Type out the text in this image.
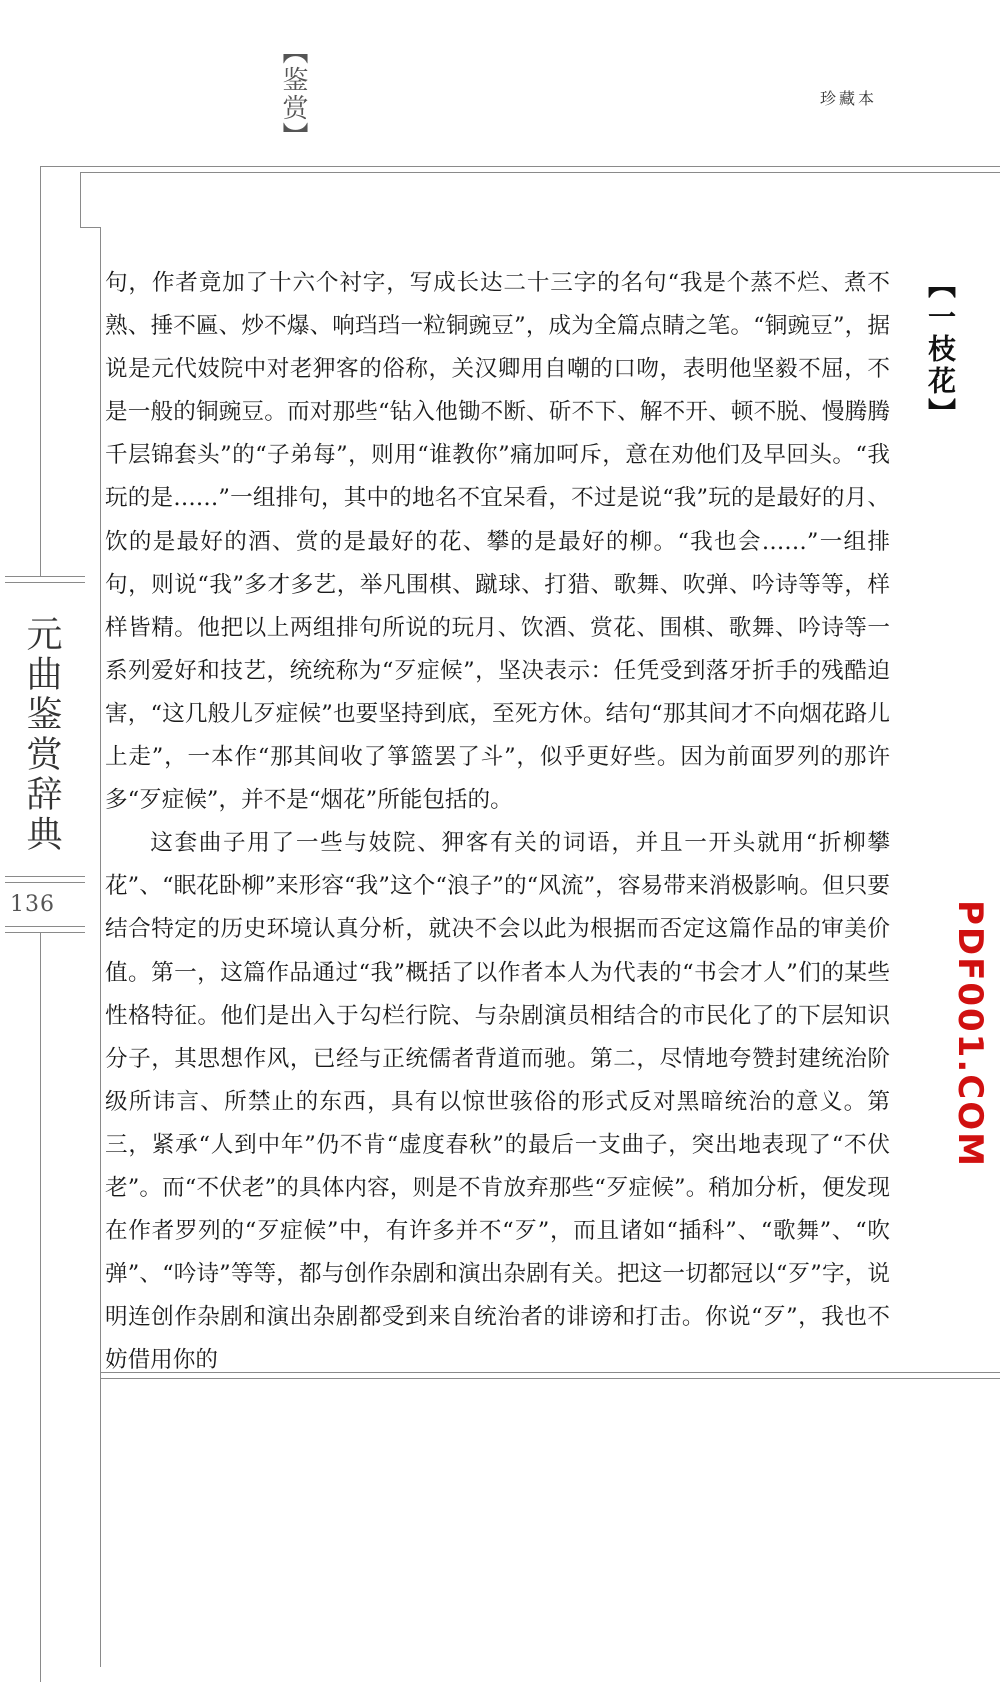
【鉴赏】	珍藏本
元曲鉴赏辞典
136
【一枝花】
PDF001.COM

句，作者竟加了十六个衬字，写成长达二十三字的名句“我是个蒸不烂、煮不熟、捶不匾、炒不爆、响珰珰一粒铜豌豆”，成为全篇点睛之笔。“铜豌豆”，据说是元代妓院中对老狎客的俗称，关汉卿用自嘲的口吻，表明他坚毅不屈，不是一般的铜豌豆。而对那些“钻入他锄不断、斫不下、解不开、顿不脱、慢腾腾千层锦套头”的“子弟每”，则用“谁教你”痛加呵斥，意在劝他们及早回头。“我玩的是……”一组排句，其中的地名不宜呆看，不过是说“我”玩的是最好的月、饮的是最好的酒、赏的是最好的花、攀的是最好的柳。“我也会……”一组排句，则说“我”多才多艺，举凡围棋、蹴球、打猎、歌舞、吹弹、吟诗等等，样样皆精。他把以上两组排句所说的玩月、饮酒、赏花、围棋、歌舞、吟诗等一系列爱好和技艺，统统称为“歹症候”，坚决表示：任凭受到落牙折手的残酷迫害，“这几般儿歹症候”也要坚持到底，至死方休。结句“那其间才不向烟花路儿上走”，一本作“那其间收了箏篮罢了斗”，似乎更好些。因为前面罗列的那许多“歹症候”，并不是“烟花”所能包括的。

这套曲子用了一些与妓院、狎客有关的词语，并且一开头就用“折柳攀花”、“眠花卧柳”来形容“我”这个“浪子”的“风流”，容易带来消极影响。但只要结合特定的历史环境认真分析，就决不会以此为根据而否定这篇作品的审美价值。第一，这篇作品通过“我”概括了以作者本人为代表的“书会才人”们的某些性格特征。他们是出入于勾栏行院、与杂剧演员相结合的市民化了的下层知识分子，其思想作风，已经与正统儒者背道而驰。第二，尽情地夸赞封建统治阶级所讳言、所禁止的东西，具有以惊世骇俗的形式反对黑暗统治的意义。第三，紧承“人到中年”仍不肯“虚度春秋”的最后一支曲子，突出地表现了“不伏老”。而“不伏老”的具体内容，则是不肯放弃那些“歹症候”。稍加分析，便发现在作者罗列的“歹症候”中，有许多并不“歹”，而且诸如“插科”、“歌舞”、“吹弹”、“吟诗”等等，都与创作杂剧和演出杂剧有关。把这一切都冠以“歹”字，说明连创作杂剧和演出杂剧都受到来自统治者的诽谤和打击。你说“歹”，我也不妨借用你的
